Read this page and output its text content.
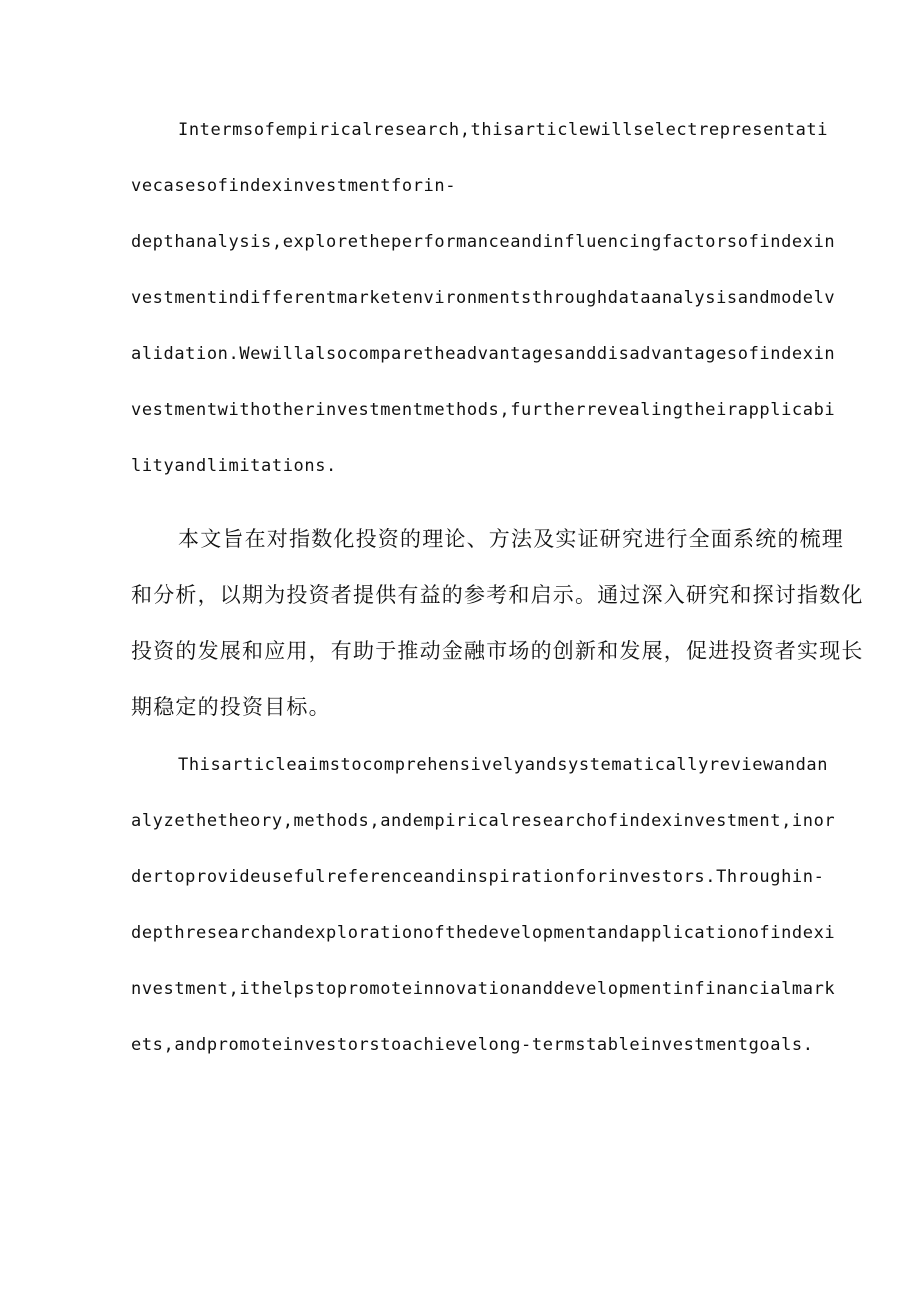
Intermsofempiricalresearch,thisarticlewillselectrepresentati

vecasesofindexinvestmentforin-

depthanalysis,exploretheperformanceandinfluencingfactorsofindexin

vestmentindifferentmarketenvironmentsthroughdataanalysisandmodelv

alidation.Wewillalsocomparetheadvantagesanddisadvantagesofindexin

vestmentwithotherinvestmentmethods,furtherrevealingtheirapplicabi

lityandlimitations.

本文旨在对指数化投资的理论、方法及实证研究进行全面系统的梳理

和分析，以期为投资者提供有益的参考和启示。通过深入研究和探讨指数化

投资的发展和应用，有助于推动金融市场的创新和发展，促进投资者实现长

期稳定的投资目标。

Thisarticleaimstocomprehensivelyandsystematicallyreviewandan

alyzethetheory,methods,andempiricalresearchofindexinvestment,inor

dertoprovideusefulreferenceandinspirationforinvestors.Throughin-

depthresearchandexplorationofthedevelopmentandapplicationofindexi

nvestment,ithelpstopromoteinnovationanddevelopmentinfinancialmark

ets,andpromoteinvestorstoachievelong-termstableinvestmentgoals.
